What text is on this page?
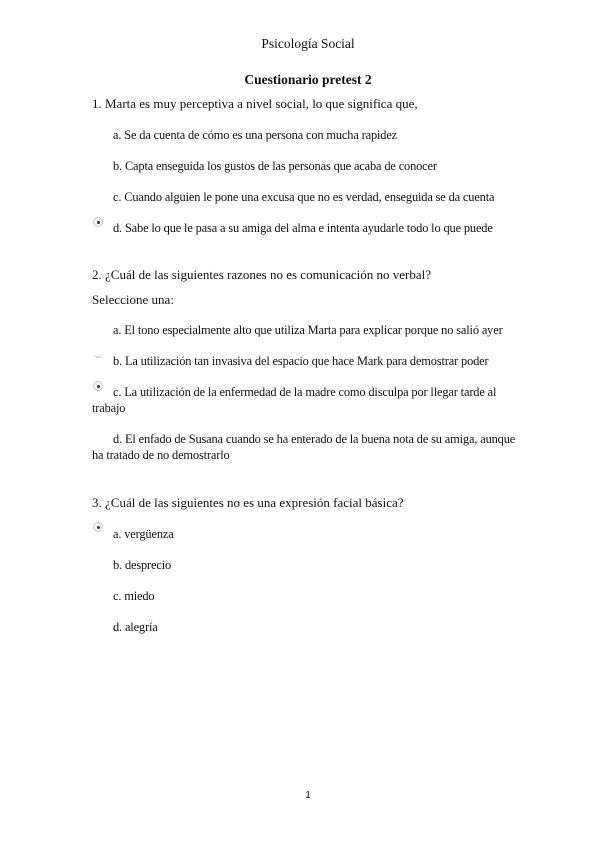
Psicología Social
Cuestionario pretest 2
1. Marta es muy perceptiva a nivel social, lo que significa que,
a. Se da cuenta de cómo es una persona con mucha rapidez
b. Capta enseguida los gustos de las personas que acaba de conocer
c. Cuando alguien le pone una excusa que no es verdad, enseguida se da cuenta
d. Sabe lo que le pasa a su amiga del alma e intenta ayudarle todo lo que puede
2. ¿Cuál de las siguientes razones no es comunicación no verbal?
Seleccione una:
a. El tono especialmente alto que utiliza Marta para explicar porque no salió ayer
b. La utilización tan invasiva del espacio que hace Mark para demostrar poder
c. La utilización de la enfermedad de la madre como disculpa por llegar tarde al trabajo
d. El enfado de Susana cuando se ha enterado de la buena nota de su amiga, aunque ha tratado de no demostrarlo
3. ¿Cuál de las siguientes no es una expresión facial básica?
a. vergüenza
b. desprecio
c. miedo
d. alegría
1
